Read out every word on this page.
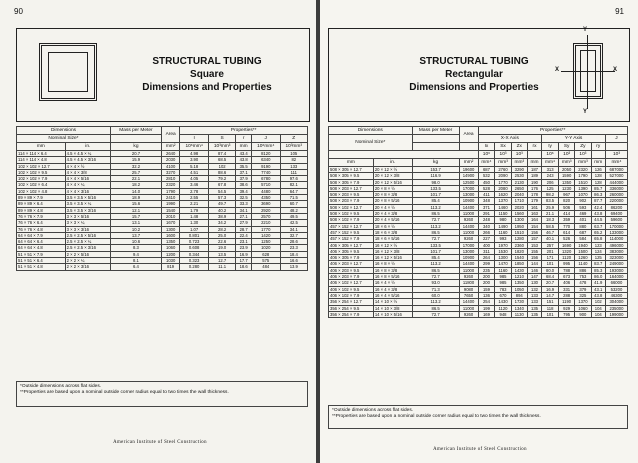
90
STRUCTURAL TUBING
Square
Dimensions and Properties
Dimensions		Mass per Meter	Area	Properties**				
Nominal Size*				I	S	r	J	Z
mm	in.	kg	mm²	10⁶mm⁴	10³mm³	mm	10⁶mm⁴	10³mm³
114 × 114 × 6.4	4.5 × 4.5 × ¼	20.7	2640	4.98	87.4	43.4	8120	105
114 × 114 × 4.8	4.5 × 4.5 × 3/16	15.9	2030	3.90	68.5	43.8	6340	82
102 × 102 × 12.7	4 × 4 × ½	32.2	4100	5.18	102	35.5	9190	133
102 × 102 × 9.5	4 × 4 × 3/8	25.7	3270	4.51	88.6	37.1	7740	111
102 × 102 × 7.9	4 × 4 × 5/16	22.1	2810	4.05	79.2	37.9	6780	97.6
102 × 102 × 6.4	4 × 4 × ¼	18.2	2320	3.46	67.8	38.6	5710	82.1
102 × 102 × 4.8	4 × 4 × 3/16	14.0	1790	2.78	54.5	39.4	4480	64.7
89 × 89 × 7.9	3.5 × 3.5 × 5/16	18.9	2410	2.55	57.3	32.5	4350	71.5
89 × 89 × 6.4	3.5 × 3.5 × ¼	15.6	1990	2.21	49.7	33.3	3690	60.7
89 × 89 × 4.8	3.5 × 3.5 × 3/16	12.1	1540	1.79	40.2	34.1	2920	48.2
76 × 76 × 7.9	3 × 3 × 5/16	15.7	2010	1.48	38.9	27.1	2570	49.5
76 × 76 × 6.4	3 × 3 × ¼	13.1	1670	1.30	34.2	27.9	2210	42.5
76 × 76 × 4.8	3 × 3 × 3/16	10.2	1300	1.07	28.2	28.7	1770	34.1
64 × 64 × 7.9	2.5 × 2.5 × 5/16	13.7	1600	0.801	25.0	22.4	1420	32.7
64 × 64 × 6.4	2.5 × 2.5 × ¼	10.6	1350	0.723	22.6	23.1	1250	28.6
64 × 64 × 4.8	2.5 × 2.5 × 3/16	8.3	1060	0.608	19.0	23.9	1020	23.3
51 × 51 × 7.9	2 × 2 × 5/16	9.4	1200	0.344	13.5	16.9	628	18.4
51 × 51 × 6.4	2 × 2 × ¼	8.1	1030	0.323	12.7	17.7	575	16.6
51 × 51 × 4.8	2 × 2 × 3/16	6.4	819	0.280	11.1	18.6	484	13.9
*Outside dimensions across flat sides.
**Properties are based upon a nominal outside corner radius equal to two times the wall thickness.
American Institute of Steel Construction
91
STRUCTURAL TUBING
Rectangular
Dimensions and Properties
Y
Y
X	X
Dimensions		Mass per Meter	Area	Properties**								
Nominal Size*				X-X Axis				Y-Y Axis				J
				Ix	Sx	Zx	rx	Iy	Sy	Zy	ry	
				10⁶	10³	10³		10⁶	10³	10³		10³
mm	in.	kg	mm²	mm⁴	mm³	mm³	mm	mm⁴	mm³	mm³	mm	mm⁴
508 × 305 × 12.7	20 × 12 × ½	153.7	19600	687	2760	3290	187	313	2050	2320	126	687000
508 × 305 × 9.5	20 × 12 × 3/8	116.9	14900	532	2090	2530	189	243	1590	1790	128	527000
508 × 305 × 7.9	20 × 12 × 5/16	98.0	12500	450	1770	2130	190	206	1350	1510	128	444000
508 × 203 × 12.7	20 × 8 × ½	133.5	17000	528	2080	2650	176	125	1230	1390	85.7	336000
508 × 203 × 9.5	20 × 8 × 3/8	101.7	13000	411	1620	2040	178	98.2	967	1070	86.3	260000
508 × 203 × 7.9	20 × 8 × 5/16	85.4	10900	348	1370	1710	179	83.5	820	902	87.7	220000
508 × 102 × 12.7	20 × 4 × ½	113.2	14400	371	1460	2020	161	25.9	506	593	42.4	86200
508 × 102 × 9.5	20 × 4 × 3/8	86.5	11000	291	1150	1560	163	21.1	414	469	43.8	69400
508 × 102 × 7.9	20 × 4 × 5/16	72.7	9260	248	980	1300	164	18.3	359	401	44.5	59600
457 × 152 × 12.7	18 × 6 × ½	113.2	14400	340	1490	1950	154	58.5	770	880	63.7	170000
457 × 152 × 9.5	18 × 6 × 3/8	86.5	11000	266	1160	1510	156	46.7	614	687	65.2	133000
457 × 152 × 7.9	18 × 6 × 5/16	72.7	9260	227	993	1280	157	40.1	526	584	65.8	114000
406 × 305 × 12.7	16 × 12 × ½	133.5	17000	400	1970	2360	153	257	1690	1940	123	496000
406 × 305 × 9.5	16 × 12 × 3/8	101.7	13000	311	1530	1820	155	201	1320	1500	124	383000
406 × 305 × 7.9	16 × 12 × 5/16	85.4	10900	264	1300	1540	156	171	1120	1260	125	323000
406 × 203 × 12.7	16 × 8 × ½	113.2	14400	299	1470	1850	144	101	995	1140	83.7	249000
406 × 203 × 9.5	16 × 8 × 3/8	86.5	11000	235	1160	1430	146	80.0	788	886	85.3	193000
406 × 203 × 7.9	16 × 8 × 5/16	72.7	9260	200	985	1210	147	68.4	673	753	86.0	164000
406 × 102 × 12.7	16 × 4 × ½	93.0	11800	200	985	1350	130	20.7	406	478	41.9	66000
406 × 102 × 9.5	16 × 4 × 3/8	71.3	9080	159	783	1050	132	16.9	331	379	43.1	53200
406 × 102 × 7.9	16 × 4 × 5/16	60.0	7650	136	670	894	133	14.7	288	325	43.8	46300
356 × 254 × 12.7	14 × 10 × ½	113.2	14400	254	1430	1730	133	151	1190	1370	102	304000
356 × 254 × 9.5	14 × 10 × 3/8	86.5	11000	199	1120	1340	135	118	929	1060	104	235000
356 × 254 × 7.9	14 × 10 × 5/16	72.7	9260	169	948	1130	135	101	795	900	104	199000
*Outside dimensions across flat sides.
**Properties are based upon a nominal outside corner radius equal to two times the wall thickness.
American Institute of Steel Construction
